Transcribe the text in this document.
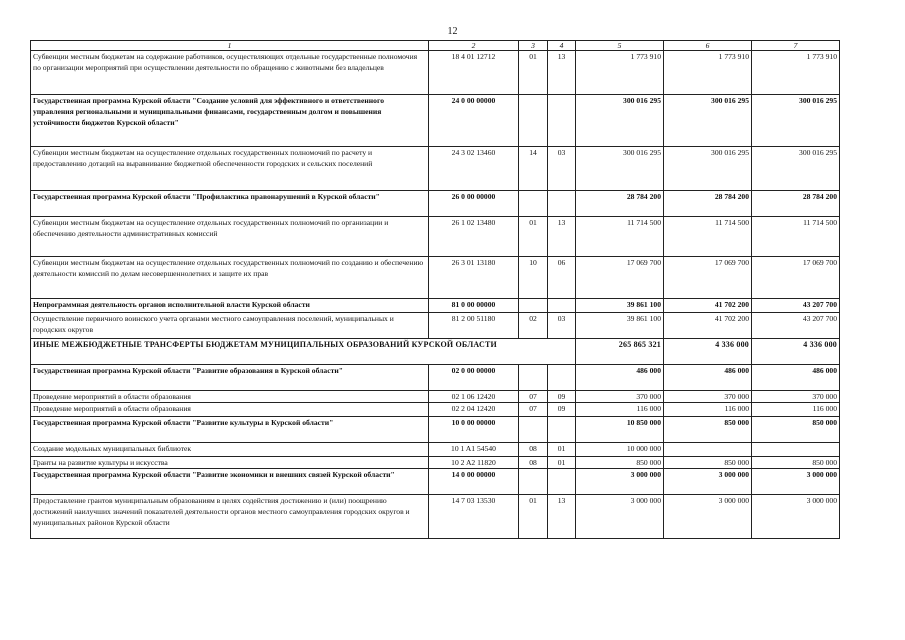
12
1	2	3	4	5	6	7
Субвенции местным бюджетам на содержание работников, осуществляющих отдельные государственные полномочия по организации мероприятий при осуществлении деятельности по обращению с животными без владельцев	18 4 01 12712	01	13	1 773 910	1 773 910	1 773 910
Государственная программа Курской области "Создание условий для эффективного и ответственного управления региональными и муниципальными финансами, государственным долгом и повышения устойчивости бюджетов Курской области"	24 0 00 00000			300 016 295	300 016 295	300 016 295
Субвенции местным бюджетам на осуществление отдельных государственных полномочий по расчету и предоставлению дотаций на выравнивание бюджетной обеспеченности городских и сельских поселений	24 3 02 13460	14	03	300 016 295	300 016 295	300 016 295
Государственная программа Курской области "Профилактика правонарушений в Курской области"	26 0 00 00000			28 784 200	28 784 200	28 784 200
Субвенции местным бюджетам на осуществление отдельных государственных полномочий по организации и обеспечению деятельности административных комиссий	26 1 02 13480	01	13	11 714 500	11 714 500	11 714 500
Субвенции местным бюджетам на осуществление отдельных государственных полномочий по созданию и обеспечению деятельности комиссий по делам несовершеннолетних и защите их прав	26 3 01 13180	10	06	17 069 700	17 069 700	17 069 700
Непрограммная деятельность органов исполнительной власти Курской области	81 0 00 00000			39 861 100	41 702 200	43 207 700
Осуществление первичного воинского учета органами местного самоуправления поселений, муниципальных и городских округов	81 2 00 51180	02	03	39 861 100	41 702 200	43 207 700
ИНЫЕ МЕЖБЮДЖЕТНЫЕ ТРАНСФЕРТЫ БЮДЖЕТАМ МУНИЦИПАЛЬНЫХ ОБРАЗОВАНИЙ КУРСКОЙ ОБЛАСТИ				265 865 321	4 336 000	4 336 000
Государственная программа Курской области "Развитие образования в Курской области"	02 0 00 00000			486 000	486 000	486 000
Проведение мероприятий в области образования	02 1 06 12420	07	09	370 000	370 000	370 000
Проведение мероприятий в области образования	02 2 04 12420	07	09	116 000	116 000	116 000
Государственная программа Курской области "Развитие культуры в Курской области"	10 0 00 00000			10 850 000	850 000	850 000
Создание модельных муниципальных библиотек	10 1 A1 54540	08	01	10 000 000		
Гранты на развитие культуры и искусства	10 2 A2 11820	08	01	850 000	850 000	850 000
Государственная программа Курской области "Развитие экономики и внешних связей Курской области"	14 0 00 00000			3 000 000	3 000 000	3 000 000
Предоставление грантов муниципальным образованиям в целях содействия достижению и (или) поощрению достижений наилучших значений показателей деятельности органов местного самоуправления городских округов и муниципальных районов Курской области	14 7 03 13530	01	13	3 000 000	3 000 000	3 000 000
